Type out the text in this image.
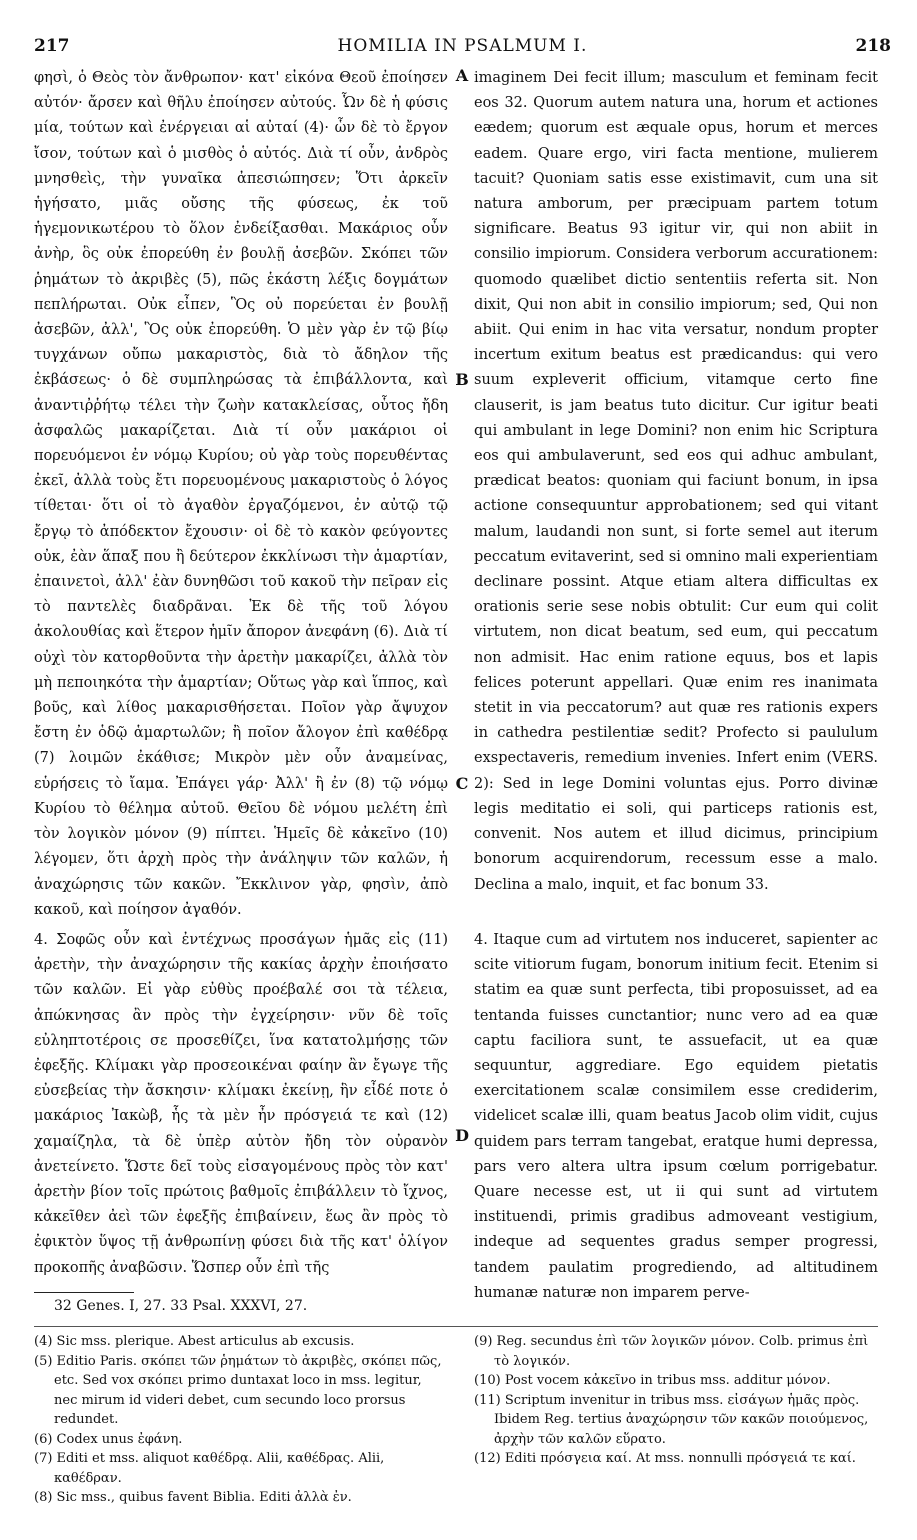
217	HOMILIA IN PSALMUM I.	218

φησὶ, ὁ Θεὸς τὸν ἄνθρωπον· κατ' εἰκόνα Θεοῦ ἐποίησεν αὐτόν· ἄρσεν καὶ θῆλυ ἐποίησεν αὐτούς. Ὧν δὲ ἡ φύσις μία, τούτων καὶ ἐνέργειαι αἱ αὐταί (4)· ὧν δὲ τὸ ἔργον ἴσον, τούτων καὶ ὁ μισθὸς ὁ αὐτός. Διὰ τί οὖν, ἀνδρὸς μνησθεὶς, τὴν γυναῖκα ἀπεσιώπησεν; Ὅτι ἀρκεῖν ἡγήσατο, μιᾶς οὔσης τῆς φύσεως, ἐκ τοῦ ἡγεμονικωτέρου τὸ ὅλον ἐνδείξασθαι. Μακάριος οὖν ἀνὴρ, ὃς οὐκ ἐπορεύθη ἐν βουλῇ ἀσεβῶν. Σκόπει τῶν ῥημάτων τὸ ἀκριβὲς (5), πῶς ἑκάστη λέξις δογμάτων πεπλήρωται. Οὐκ εἶπεν, Ὃς οὐ πορεύεται ἐν βουλῇ ἀσεβῶν, ἀλλ', Ὃς οὐκ ἐπορεύθη. Ὁ μὲν γὰρ ἐν τῷ βίῳ τυγχάνων οὔπω μακαριστὸς, διὰ τὸ ἄδηλον τῆς ἐκβάσεως· ὁ δὲ συμπληρώσας τὰ ἐπιβάλλοντα, καὶ ἀναντιῤῥήτῳ τέλει τὴν ζωὴν κατακλείσας, οὗτος ἤδη ἀσφαλῶς μακαρίζεται. Διὰ τί οὖν μακάριοι οἱ πορευόμενοι ἐν νόμῳ Κυρίου; οὐ γὰρ τοὺς πορευθέντας ἐκεῖ, ἀλλὰ τοὺς ἔτι πορευομένους μακαριστοὺς ὁ λόγος τίθεται· ὅτι οἱ τὸ ἀγαθὸν ἐργαζόμενοι, ἐν αὐτῷ τῷ ἔργῳ τὸ ἀπόδεκτον ἔχουσιν· οἱ δὲ τὸ κακὸν φεύγοντες οὐκ, ἐὰν ἅπαξ που ἢ δεύτερον ἐκκλίνωσι τὴν ἁμαρτίαν, ἐπαινετοὶ, ἀλλ' ἐὰν δυνηθῶσι τοῦ κακοῦ τὴν πεῖραν εἰς τὸ παντελὲς διαδρᾶναι. Ἐκ δὲ τῆς τοῦ λόγου ἀκολουθίας καὶ ἕτερον ἡμῖν ἄπορον ἀνεφάνη (6). Διὰ τί οὐχὶ τὸν κατορθοῦντα τὴν ἀρετὴν μακαρίζει, ἀλλὰ τὸν μὴ πεποιηκότα τὴν ἁμαρτίαν; Οὕτως γὰρ καὶ ἵππος, καὶ βοῦς, καὶ λίθος μακαρισθήσεται. Ποῖον γὰρ ἄψυχον ἔστη ἐν ὁδῷ ἁμαρτωλῶν; ἢ ποῖον ἄλογον ἐπὶ καθέδρᾳ (7) λοιμῶν ἐκάθισε; Μικρὸν μὲν οὖν ἀναμείνας, εὑρήσεις τὸ ἴαμα. Ἐπάγει γάρ· Ἀλλ' ἢ ἐν (8) τῷ νόμῳ Κυρίου τὸ θέλημα αὐτοῦ. Θεῖου δὲ νόμου μελέτη ἐπὶ τὸν λογικὸν μόνον (9) πίπτει. Ἡμεῖς δὲ κἀκεῖνο (10) λέγομεν, ὅτι ἀρχὴ πρὸς τὴν ἀνάληψιν τῶν καλῶν, ἡ ἀναχώρησις τῶν κακῶν. Ἔκκλινον γὰρ, φησὶν, ἀπὸ κακοῦ, καὶ ποίησον ἀγαθόν.

imaginem Dei fecit illum; masculum et feminam fecit eos 32. Quorum autem natura una, horum et actiones eædem; quorum est æquale opus, horum et merces eadem. Quare ergo, viri facta mentione, mulierem tacuit? Quoniam satis esse existimavit, cum una sit natura amborum, per præcipuam partem totum significare. Beatus 93 igitur vir, qui non abiit in consilio impiorum. Considera verborum accurationem: quomodo quælibet dictio sententiis referta sit. Non dixit, Qui non abit in consilio impiorum; sed, Qui non abiit. Qui enim in hac vita versatur, nondum propter incertum exitum beatus est prædicandus: qui vero suum expleverit officium, vitamque certo fine clauserit, is jam beatus tuto dicitur. Cur igitur beati qui ambulant in lege Domini? non enim hic Scriptura eos qui ambulaverunt, sed eos qui adhuc ambulant, prædicat beatos: quoniam qui faciunt bonum, in ipsa actione consequuntur approbationem; sed qui vitant malum, laudandi non sunt, si forte semel aut iterum peccatum evitaverint, sed si omnino mali experientiam declinare possint. Atque etiam altera difficultas ex orationis serie sese nobis obtulit: Cur eum qui colit virtutem, non dicat beatum, sed eum, qui peccatum non admisit. Hac enim ratione equus, bos et lapis felices poterunt appellari. Quæ enim res inanimata stetit in via peccatorum? aut quæ res rationis expers in cathedra pestilentiæ sedit? Profecto si paululum exspectaveris, remedium invenies. Infert enim (VERS. 2): Sed in lege Domini voluntas ejus. Porro divinæ legis meditatio ei soli, qui particeps rationis est, convenit. Nos autem et illud dicimus, principium bonorum acquirendorum, recessum esse a malo. Declina a malo, inquit, et fac bonum 33.

A
B
C
D

4. Σοφῶς οὖν καὶ ἐντέχνως προσάγων ἡμᾶς εἰς (11) ἀρετὴν, τὴν ἀναχώρησιν τῆς κακίας ἀρχὴν ἐποιήσατο τῶν καλῶν. Εἰ γὰρ εὐθὺς προέβαλέ σοι τὰ τέλεια, ἀπώκνησας ἂν πρὸς τὴν ἐγχείρησιν· νῦν δὲ τοῖς εὐληπτοτέροις σε προσεθίζει, ἵνα κατατολμήσῃς τῶν ἐφεξῆς. Κλίμακι γὰρ προσεοικέναι φαίην ἂν ἔγωγε τῆς εὐσεβείας τὴν ἄσκησιν· κλίμακι ἐκείνῃ, ἣν εἶδέ ποτε ὁ μακάριος Ἰακὼβ, ἧς τὰ μὲν ἦν πρόσγειά τε καὶ (12) χαμαίζηλα, τὰ δὲ ὑπὲρ αὐτὸν ἤδη τὸν οὐρανὸν ἀνετείνετο. Ὥστε δεῖ τοὺς εἰσαγομένους πρὸς τὸν κατ' ἀρετὴν βίον τοῖς πρώτοις βαθμοῖς ἐπιβάλλειν τὸ ἴχνος, κἀκεῖθεν ἀεὶ τῶν ἐφεξῆς ἐπιβαίνειν, ἕως ἂν πρὸς τὸ ἐφικτὸν ὕψος τῇ ἀνθρωπίνῃ φύσει διὰ τῆς κατ' ὀλίγον προκοπῆς ἀναβῶσιν. Ὥσπερ οὖν ἐπὶ τῆς

4. Itaque cum ad virtutem nos induceret, sapienter ac scite vitiorum fugam, bonorum initium fecit. Etenim si statim ea quæ sunt perfecta, tibi proposuisset, ad ea tentanda fuisses cunctantior; nunc vero ad ea quæ captu faciliora sunt, te assuefacit, ut ea quæ sequuntur, aggrediare. Ego equidem pietatis exercitationem scalæ consimilem esse crediderim, videlicet scalæ illi, quam beatus Jacob olim vidit, cujus quidem pars terram tangebat, eratque humi depressa, pars vero altera ultra ipsum cœlum porrigebatur. Quare necesse est, ut ii qui sunt ad virtutem instituendi, primis gradibus admoveant vestigium, indeque ad sequentes gradus semper progressi, tandem paulatim progrediendo, ad altitudinem humanæ naturæ non imparem perve-

32 Genes. I, 27. 33 Psal. XXXVI, 27.

(4) Sic mss. plerique. Abest articulus ab excusis.

(5) Editio Paris. σκόπει τῶν ῥημάτων τὸ ἀκριβὲς, σκόπει πῶς, etc. Sed vox σκόπει primo duntaxat loco in mss. legitur, nec mirum id videri debet, cum secundo loco prorsus redundet.

(6) Codex unus ἐφάνη.

(7) Editi et mss. aliquot καθέδρᾳ. Alii, καθέδρας. Alii, καθέδραν.

(8) Sic mss., quibus favent Biblia. Editi ἀλλὰ ἐν.

(9) Reg. secundus ἐπὶ τῶν λογικῶν μόνον. Colb. primus ἐπὶ τὸ λογικόν.

(10) Post vocem κἀκεῖνο in tribus mss. additur μόνον.

(11) Scriptum invenitur in tribus mss. εἰσάγων ἡμᾶς πρὸς. Ibidem Reg. tertius ἀναχώρησιν τῶν κακῶν ποιούμενος, ἀρχὴν τῶν καλῶν εὕρατο.

(12) Editi πρόσγεια καί. At mss. nonnulli πρόσγειά τε καί.
